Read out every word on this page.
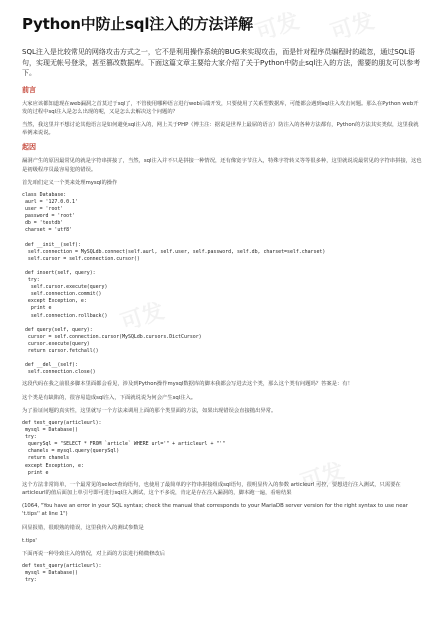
Python中防止sql注入的方法详解
SQL注入是比较常见的网络攻击方式之一，它不是利用操作系统的BUG来实现攻击，而是针对程序员编程时的疏忽，通过SQL语句，实现无帐号登录，甚至篡改数据库。下面这篇文章主要给大家介绍了关于Python中防止sql注入的方法，需要的朋友可以参考下。
前言
大家应该都知道现在web漏洞之首莫过于sql了，不管使用哪种语言进行web后端开发，只要使用了关系型数据库，可能都会遇到sql注入攻击问题。那么在Python web开发的过程中sql注入是怎么出现的呢，又是怎么去解决这个问题的？
当然，我这里并不想讨论其他语言是如何避免sql注入的，网上关于PHP（博主注：据说是世界上最屌的语言）防注入的各种方法都有，Python的方法其实类似，这里我就举例来说说。
起因
漏洞产生的原因最常见的就是字符串拼接了，当然，sql注入并不只是拼接一种情况，还有像宽字节注入，特殊字符转义等等很多种，这里就说说最常见的字符串拼接，这也是初级程序员最容易犯的错误。
首先咱们定义一个类来处理mysql的操作
class Database:
aurl = '127.0.0.1'
user = 'root'
password = 'root'
db = 'testdb'
charset = 'utf8'

def __init__(self):
self.connection = MySQLdb.connect(self.aurl, self.user, self.password, self.db, charset=self.charset)
self.cursor = self.connection.cursor()

def insert(self, query):
try:
self.cursor.execute(query)
self.connection.commit()
except Exception, e:
print e
self.connection.rollback()

def query(self, query):
cursor = self.connection.cursor(MySQLdb.cursors.DictCursor)
cursor.execute(query)
return cursor.fetchall()

def __del__(self):
self.connection.close()
这段代码在我之前很多脚本里面都会看见，涉及到Python操作mysql数据库的脚本我都会写进去这个类，那么这个类有问题吗？答案是：有！
这个类是有缺陷的，很容易造成sql注入，下面就说说为何会产生sql注入。
为了验证问题的真实性，这里就写一个方法来调用上面的那个类里面的方法，如果出现错误会直接抛出异常。
def test_query(articleurl):
mysql = Database()
try:
querySql = "SELECT * FROM `article` WHERE url='" + articleurl + "'"
chanels = mysql.query(querySql)
return chanels
except Exception, e:
print e
这个方法非常简单，一个最常见的select查询语句，也使用了最简单的字符串拼接组成sql语句，很明显传入的参数 articleurl 可控，要想进行注入测试，只需要在articleurl的值后面加上单引号即可进行sql注入测试，这个不多说，肯定是存在注入漏洞的，脚本跑一遍，看啥结果
(1064, "You have an error in your SQL syntax; check the manual that corresponds to your MariaDB server version for the right syntax to use near 't.tips'' at line 1")
回显报错，很眼熟的错误，这里我传入的测试参数是
t.tips'
下面再说一种导致注入的情况，对上面的方法进行稍微修改后
def test_query(articleurl):
mysql = Database()
try:
可发 可发
可发
可发
